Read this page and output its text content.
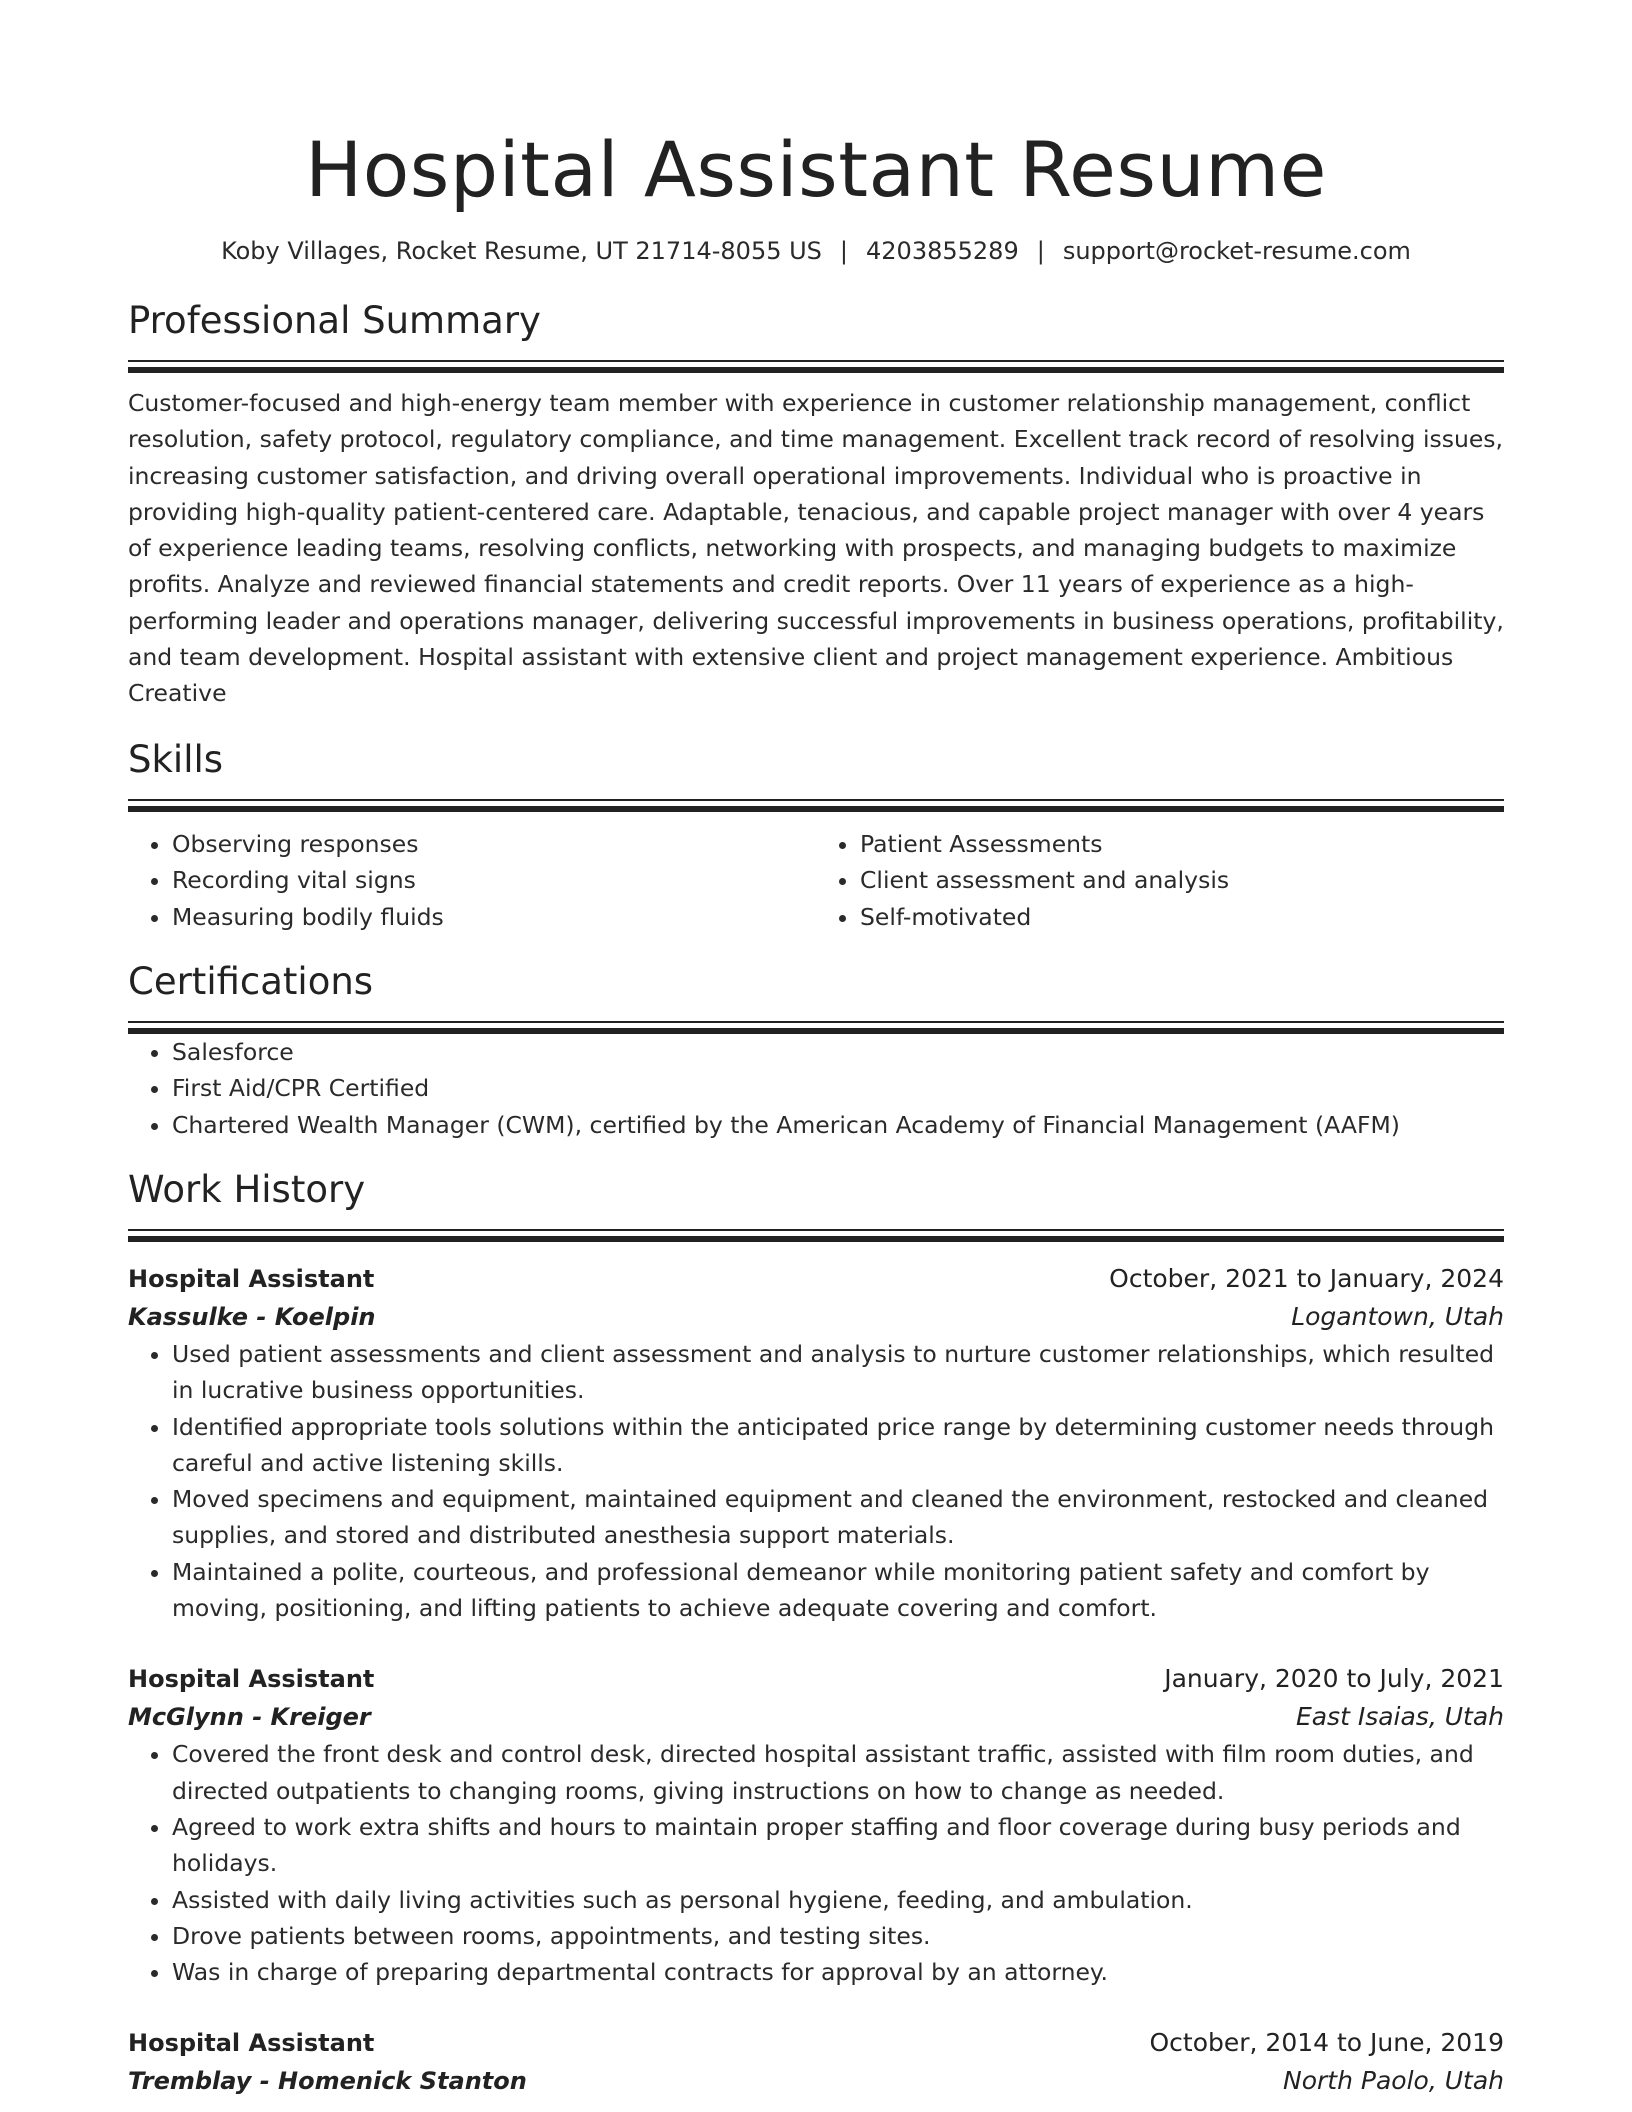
Hospital Assistant Resume
Koby Villages, Rocket Resume, UT 21714-8055 US | 4203855289 | support@rocket-resume.com
Professional Summary

Customer-focused and high-energy team member with experience in customer relationship management, conflict resolution, safety protocol, regulatory compliance, and time management. Excellent track record of resolving issues, increasing customer satisfaction, and driving overall operational improvements. Individual who is proactive in providing high-quality patient-centered care. Adaptable, tenacious, and capable project manager with over 4 years of experience leading teams, resolving conflicts, networking with prospects, and managing budgets to maximize profits. Analyze and reviewed financial statements and credit reports. Over 11 years of experience as a high-performing leader and operations manager, delivering successful improvements in business operations, profitability, and team development. Hospital assistant with extensive client and project management experience. Ambitious Creative

Skills
• Observing responses
• Recording vital signs
• Measuring bodily fluids
• Patient Assessments
• Client assessment and analysis
• Self-motivated
Certifications
• Salesforce
• First Aid/CPR Certified
• Chartered Wealth Manager (CWM), certified by the American Academy of Financial Management (AAFM)
Work History
Hospital Assistant	October, 2021 to January, 2024
Kassulke - Koelpin	Logantown, Utah
• Used patient assessments and client assessment and analysis to nurture customer relationships, which resulted in lucrative business opportunities.
• Identified appropriate tools solutions within the anticipated price range by determining customer needs through careful and active listening skills.
• Moved specimens and equipment, maintained equipment and cleaned the environment, restocked and cleaned supplies, and stored and distributed anesthesia support materials.
• Maintained a polite, courteous, and professional demeanor while monitoring patient safety and comfort by moving, positioning, and lifting patients to achieve adequate covering and comfort.
Hospital Assistant	January, 2020 to July, 2021
McGlynn - Kreiger	East Isaias, Utah
• Covered the front desk and control desk, directed hospital assistant traffic, assisted with film room duties, and directed outpatients to changing rooms, giving instructions on how to change as needed.
• Agreed to work extra shifts and hours to maintain proper staffing and floor coverage during busy periods and holidays.
• Assisted with daily living activities such as personal hygiene, feeding, and ambulation.
• Drove patients between rooms, appointments, and testing sites.
• Was in charge of preparing departmental contracts for approval by an attorney.
Hospital Assistant	October, 2014 to June, 2019
Tremblay - Homenick Stanton	North Paolo, Utah
